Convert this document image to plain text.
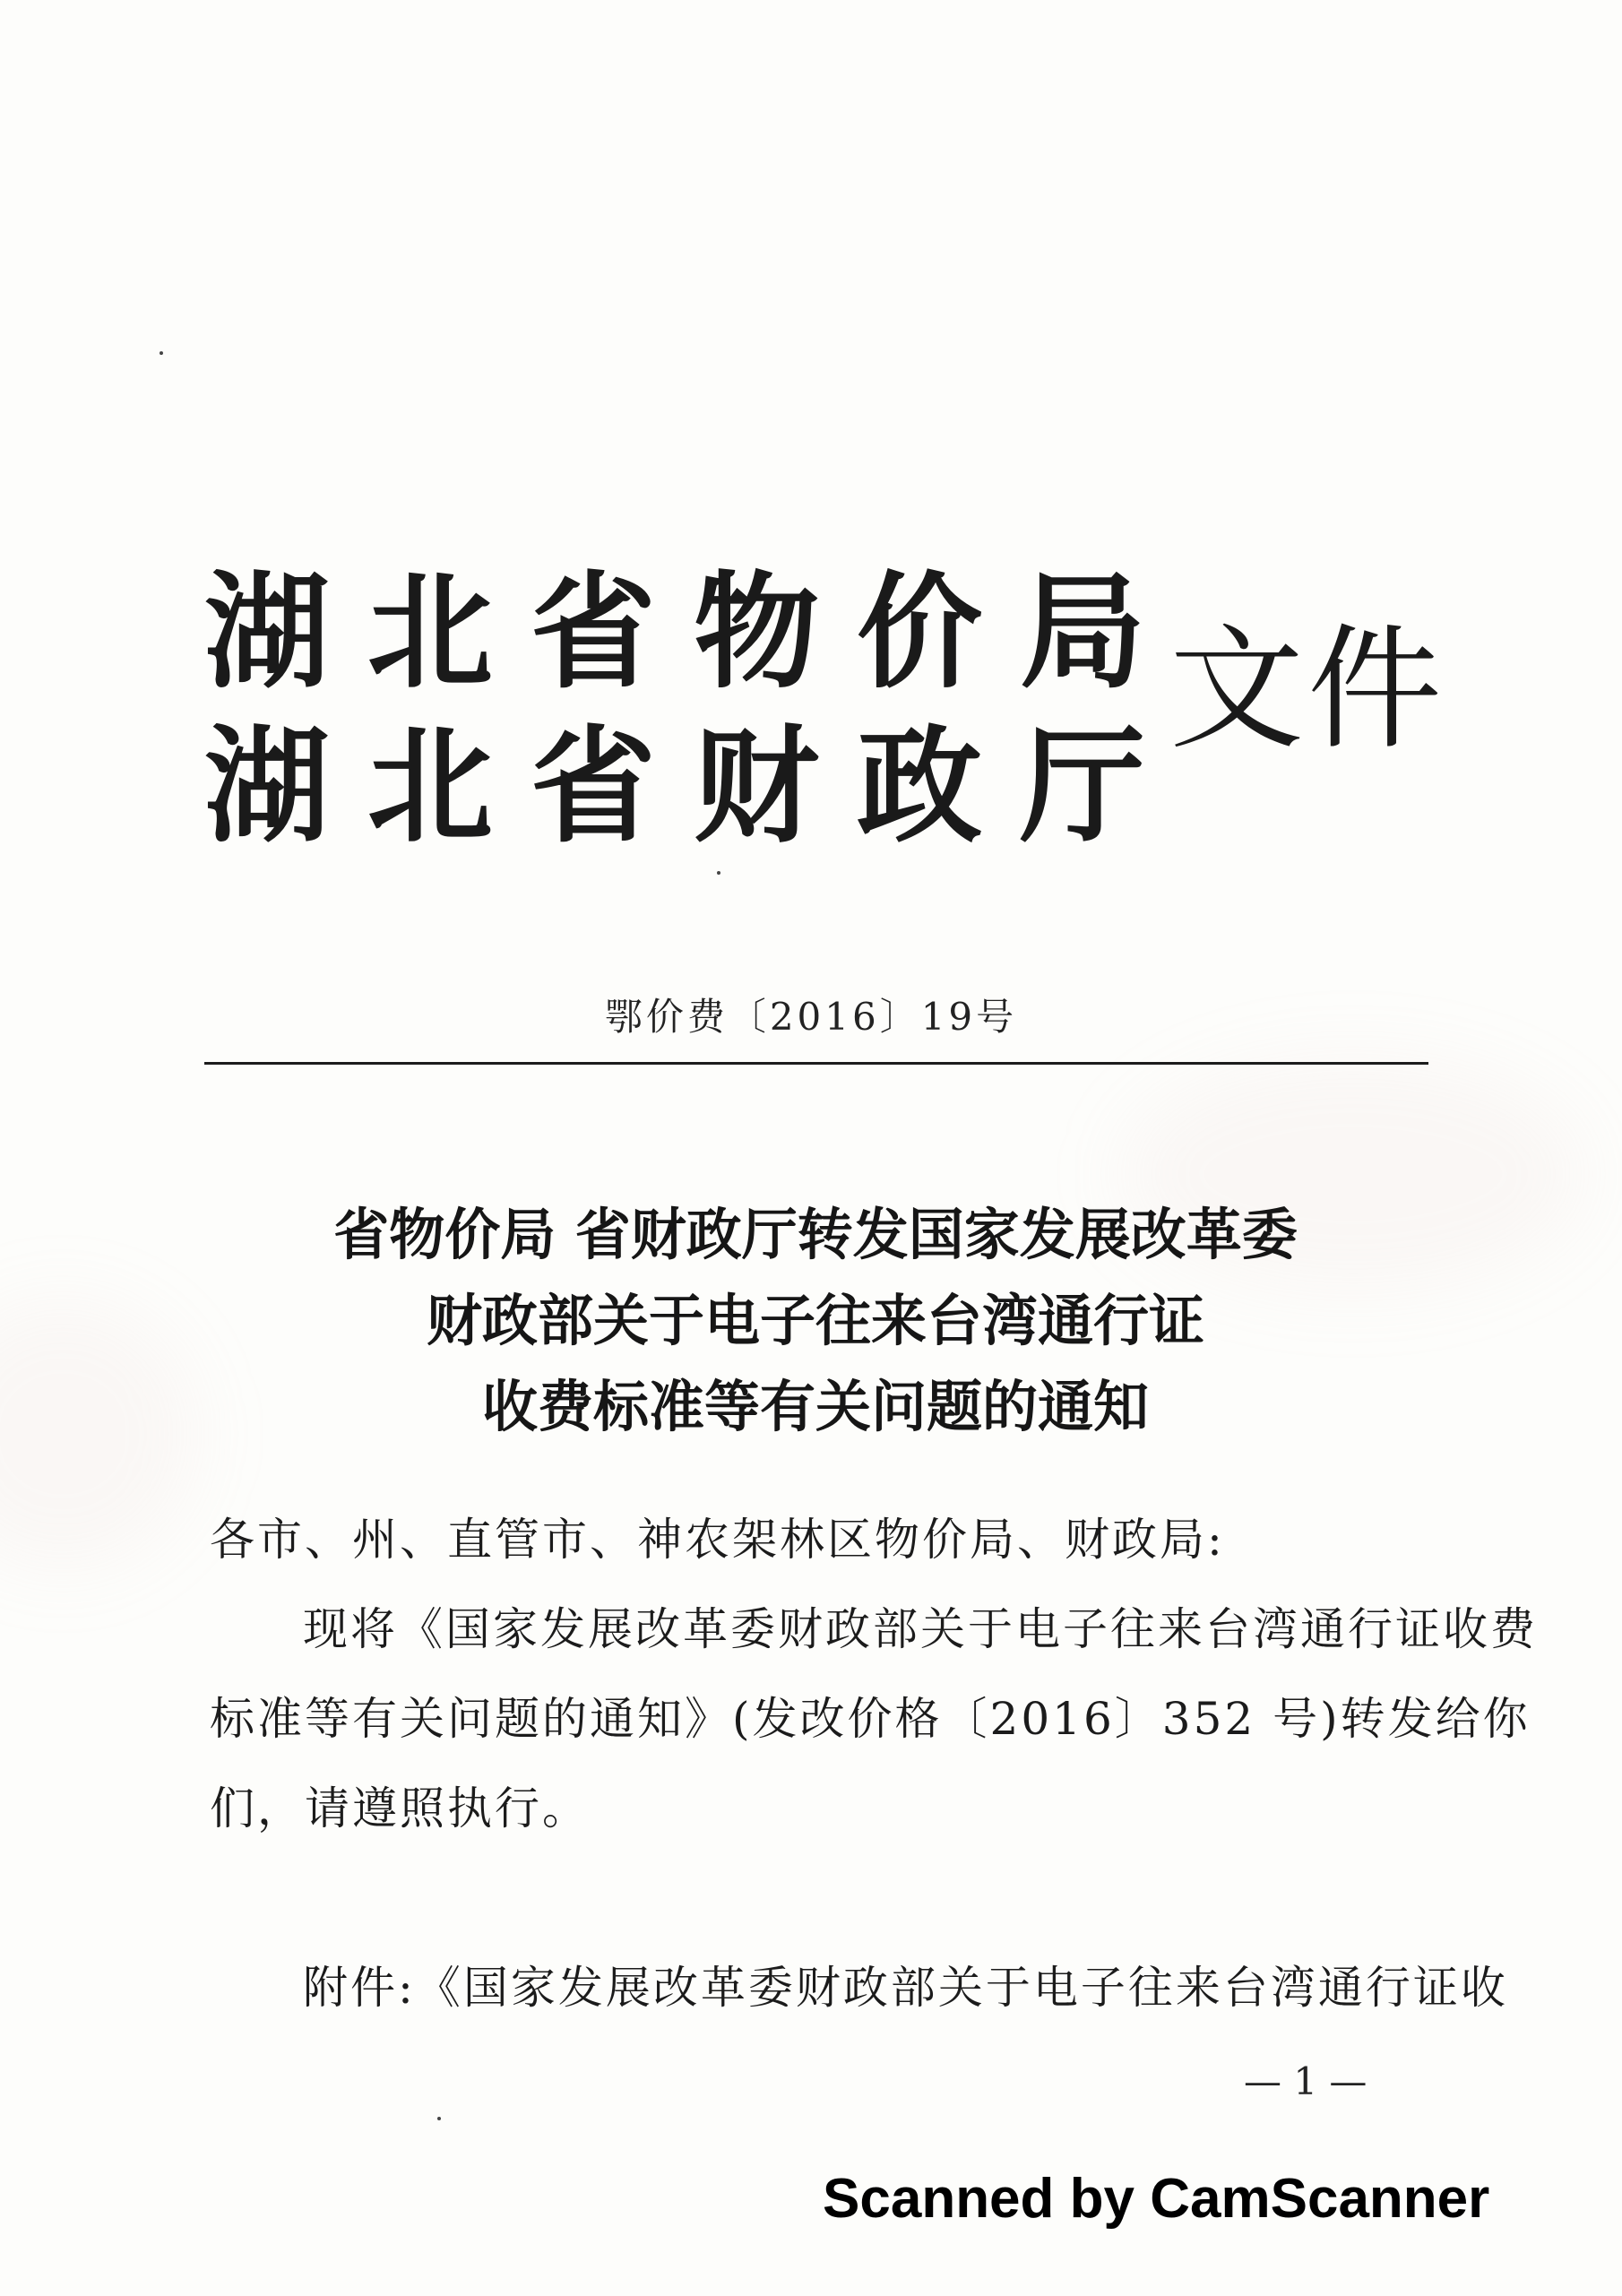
湖北省物价局
湖北省财政厅
文件
鄂价费〔2016〕19号
省物价局 省财政厅转发国家发展改革委
财政部关于电子往来台湾通行证
收费标准等有关问题的通知

各市、州、直管市、神农架林区物价局、财政局:

现将《国家发展改革委财政部关于电子往来台湾通行证收费

标准等有关问题的通知》(发改价格〔2016〕352 号)转发给你

们，请遵照执行。

附件:《国家发展改革委财政部关于电子往来台湾通行证收

— 1 —
Scanned by CamScanner
